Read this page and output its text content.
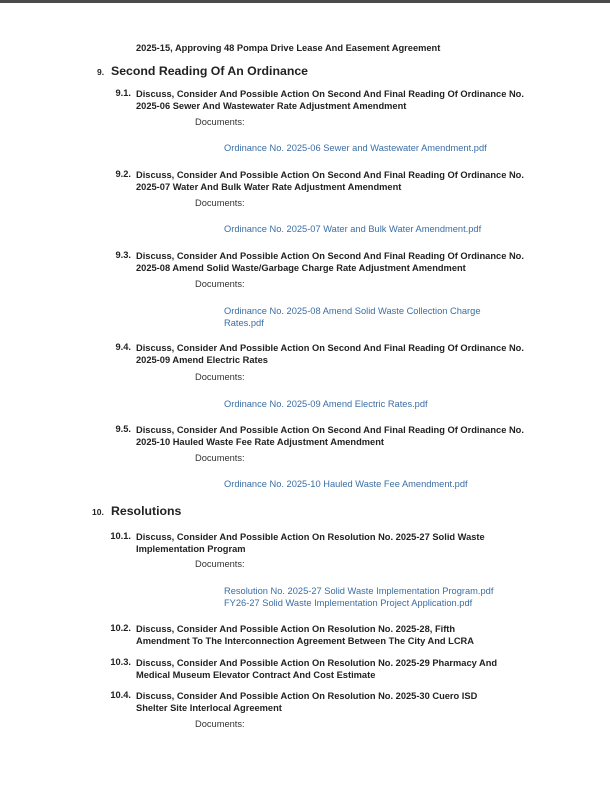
2025-15, Approving 48 Pompa Drive Lease And Easement Agreement
9. Second Reading Of An Ordinance
9.1. Discuss, Consider And Possible Action On Second And Final Reading Of Ordinance No. 2025-06 Sewer And Wastewater Rate Adjustment Amendment
Documents:
Ordinance No. 2025-06 Sewer and Wastewater Amendment.pdf
9.2. Discuss, Consider And Possible Action On Second And Final Reading Of Ordinance No. 2025-07 Water And Bulk Water Rate Adjustment Amendment
Documents:
Ordinance No. 2025-07 Water and Bulk Water Amendment.pdf
9.3. Discuss, Consider And Possible Action On Second And Final Reading Of Ordinance No. 2025-08 Amend Solid Waste/Garbage Charge Rate Adjustment Amendment
Documents:
Ordinance No. 2025-08 Amend Solid Waste Collection Charge Rates.pdf
9.4. Discuss, Consider And Possible Action On Second And Final Reading Of Ordinance No. 2025-09 Amend Electric Rates
Documents:
Ordinance No. 2025-09 Amend Electric Rates.pdf
9.5. Discuss, Consider And Possible Action On Second And Final Reading Of Ordinance No. 2025-10 Hauled Waste Fee Rate Adjustment Amendment
Documents:
Ordinance No. 2025-10 Hauled Waste Fee Amendment.pdf
10. Resolutions
10.1. Discuss, Consider And Possible Action On Resolution No. 2025-27 Solid Waste Implementation Program
Documents:
Resolution No. 2025-27 Solid Waste Implementation Program.pdf
FY26-27 Solid Waste Implementation Project Application.pdf
10.2. Discuss, Consider And Possible Action On Resolution No. 2025-28, Fifth Amendment To The Interconnection Agreement Between The City And LCRA
10.3. Discuss, Consider And Possible Action On Resolution No. 2025-29 Pharmacy And Medical Museum Elevator Contract And Cost Estimate
10.4. Discuss, Consider And Possible Action On Resolution No. 2025-30 Cuero ISD Shelter Site Interlocal Agreement
Documents:
